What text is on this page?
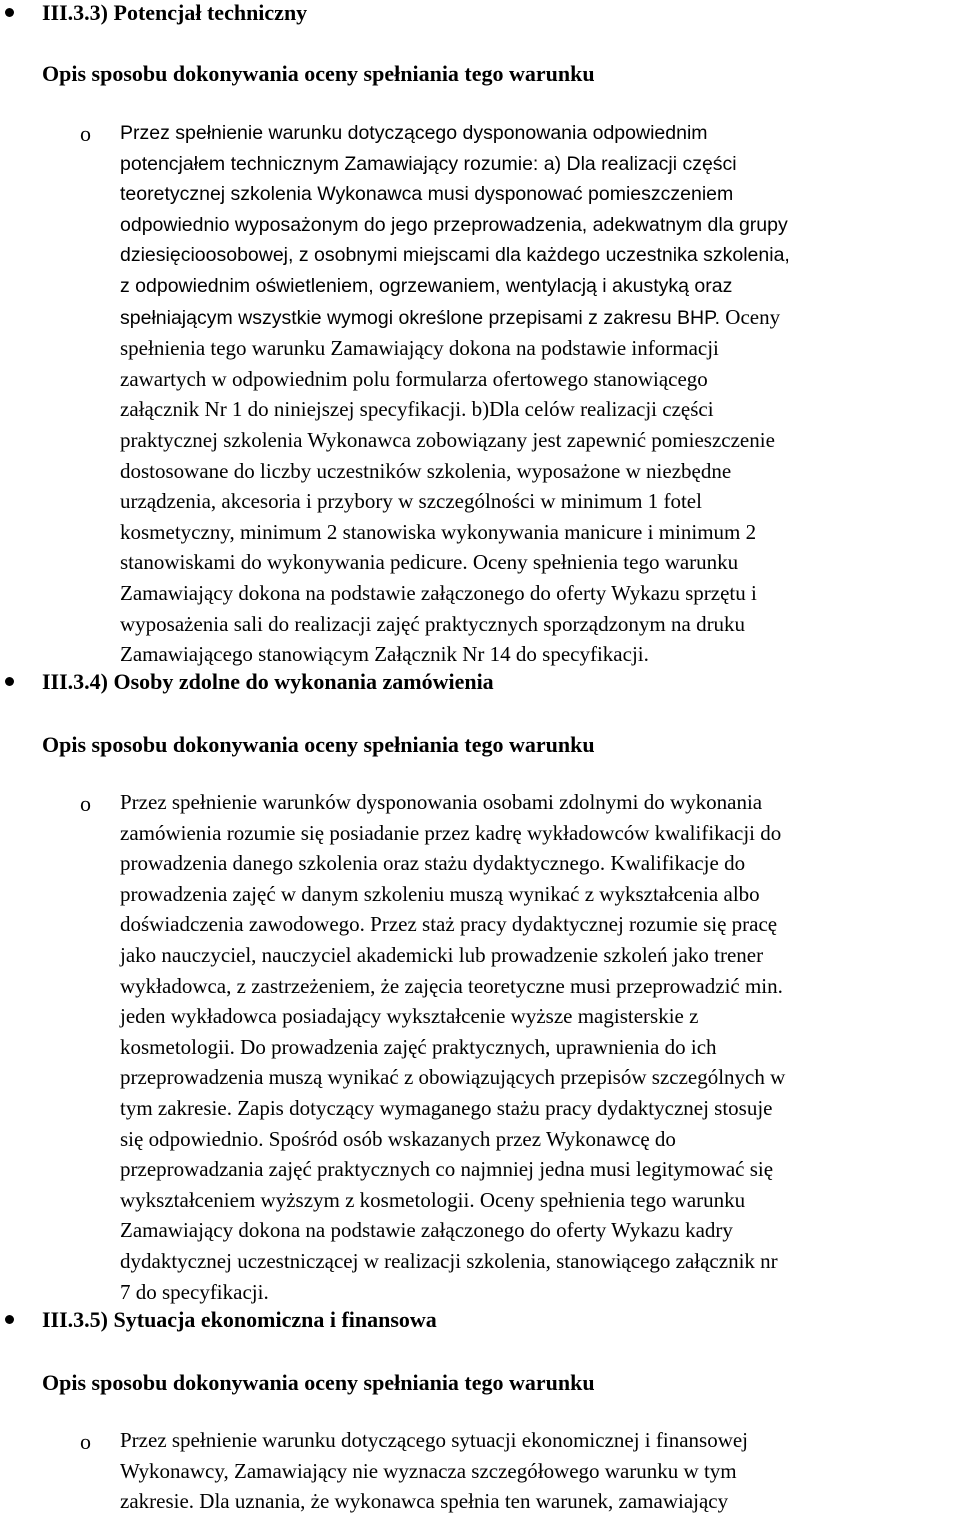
III.3.3) Potencjał techniczny
Opis sposobu dokonywania oceny spełniania tego warunku
o Przez spełnienie warunku dotyczącego dysponowania odpowiednim
potencjałem technicznym Zamawiający rozumie: a) Dla realizacji części
teoretycznej szkolenia Wykonawca musi dysponować pomieszczeniem
odpowiednio wyposażonym do jego przeprowadzenia, adekwatnym dla grupy
dziesięcioosobowej, z osobnymi miejscami dla każdego uczestnika szkolenia,
z odpowiednim oświetleniem, ogrzewaniem, wentylacją i akustyką oraz
spełniającym wszystkie wymogi określone przepisami z zakresu BHP. Oceny
spełnienia tego warunku Zamawiający dokona na podstawie informacji
zawartych w odpowiednim polu formularza ofertowego stanowiącego
załącznik Nr 1 do niniejszej specyfikacji. b)Dla celów realizacji części
praktycznej szkolenia Wykonawca zobowiązany jest zapewnić pomieszczenie
dostosowane do liczby uczestników szkolenia, wyposażone w niezbędne
urządzenia, akcesoria i przybory w szczególności w minimum 1 fotel
kosmetyczny, minimum 2 stanowiska wykonywania manicure i minimum 2
stanowiskami do wykonywania pedicure. Oceny spełnienia tego warunku
Zamawiający dokona na podstawie załączonego do oferty Wykazu sprzętu i
wyposażenia sali do realizacji zajęć praktycznych sporządzonym na druku
Zamawiającego stanowiącym Załącznik Nr 14 do specyfikacji.
III.3.4) Osoby zdolne do wykonania zamówienia
Opis sposobu dokonywania oceny spełniania tego warunku
o Przez spełnienie warunków dysponowania osobami zdolnymi do wykonania
zamówienia rozumie się posiadanie przez kadrę wykładowców kwalifikacji do
prowadzenia danego szkolenia oraz stażu dydaktycznego. Kwalifikacje do
prowadzenia zajęć w danym szkoleniu muszą wynikać z wykształcenia albo
doświadczenia zawodowego. Przez staż pracy dydaktycznej rozumie się pracę
jako nauczyciel, nauczyciel akademicki lub prowadzenie szkoleń jako trener
wykładowca, z zastrzeżeniem, że zajęcia teoretyczne musi przeprowadzić min.
jeden wykładowca posiadający wykształcenie wyższe magisterskie z
kosmetologii. Do prowadzenia zajęć praktycznych, uprawnienia do ich
przeprowadzenia muszą wynikać z obowiązujących przepisów szczególnych w
tym zakresie. Zapis dotyczący wymaganego stażu pracy dydaktycznej stosuje
się odpowiednio. Spośród osób wskazanych przez Wykonawcę do
przeprowadzania zajęć praktycznych co najmniej jedna musi legitymować się
wykształceniem wyższym z kosmetologii. Oceny spełnienia tego warunku
Zamawiający dokona na podstawie załączonego do oferty Wykazu kadry
dydaktycznej uczestniczącej w realizacji szkolenia, stanowiącego załącznik nr
7 do specyfikacji.
III.3.5) Sytuacja ekonomiczna i finansowa
Opis sposobu dokonywania oceny spełniania tego warunku
o Przez spełnienie warunku dotyczącego sytuacji ekonomicznej i finansowej
Wykonawcy, Zamawiający nie wyznacza szczegółowego warunku w tym
zakresie. Dla uznania, że wykonawca spełnia ten warunek, zamawiający
